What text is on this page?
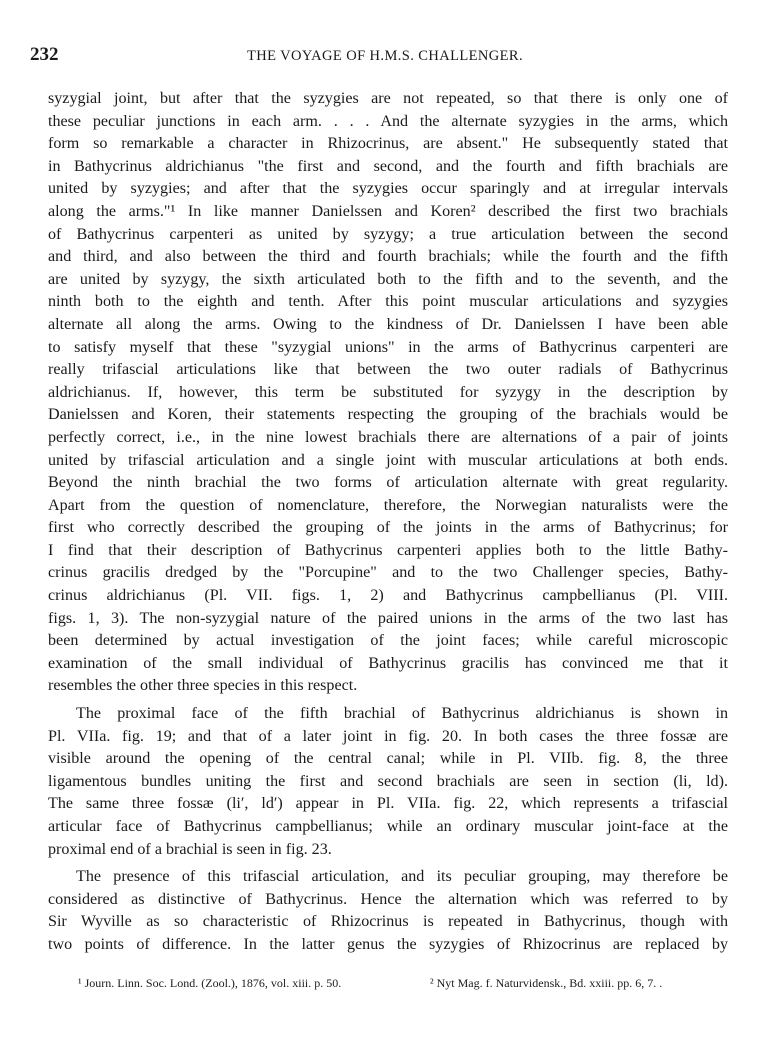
232	THE VOYAGE OF H.M.S. CHALLENGER.
syzygial joint, but after that the syzygies are not repeated, so that there is only one of
these peculiar junctions in each arm. . . . And the alternate syzygies in the arms, which
form so remarkable a character in Rhizocrinus, are absent." He subsequently stated that
in Bathycrinus aldrichianus "the first and second, and the fourth and fifth brachials are
united by syzygies; and after that the syzygies occur sparingly and at irregular intervals
along the arms."¹ In like manner Danielssen and Koren² described the first two brachials
of Bathycrinus carpenteri as united by syzygy; a true articulation between the second
and third, and also between the third and fourth brachials; while the fourth and the fifth
are united by syzygy, the sixth articulated both to the fifth and to the seventh, and the
ninth both to the eighth and tenth. After this point muscular articulations and syzygies
alternate all along the arms. Owing to the kindness of Dr. Danielssen I have been able
to satisfy myself that these "syzygial unions" in the arms of Bathycrinus carpenteri are
really trifascial articulations like that between the two outer radials of Bathycrinus
aldrichianus. If, however, this term be substituted for syzygy in the description by
Danielssen and Koren, their statements respecting the grouping of the brachials would be
perfectly correct, i.e., in the nine lowest brachials there are alternations of a pair of joints
united by trifascial articulation and a single joint with muscular articulations at both ends.
Beyond the ninth brachial the two forms of articulation alternate with great regularity.
Apart from the question of nomenclature, therefore, the Norwegian naturalists were the
first who correctly described the grouping of the joints in the arms of Bathycrinus; for
I find that their description of Bathycrinus carpenteri applies both to the little Bathy-
crinus gracilis dredged by the "Porcupine" and to the two Challenger species, Bathy-
crinus aldrichianus (Pl. VII. figs. 1, 2) and Bathycrinus campbellianus (Pl. VIII.
figs. 1, 3). The non-syzygial nature of the paired unions in the arms of the two last has
been determined by actual investigation of the joint faces; while careful microscopic
examination of the small individual of Bathycrinus gracilis has convinced me that it
resembles the other three species in this respect.
The proximal face of the fifth brachial of Bathycrinus aldrichianus is shown in
Pl. VIIa. fig. 19; and that of a later joint in fig. 20. In both cases the three fossæ are
visible around the opening of the central canal; while in Pl. VIIb. fig. 8, the three
ligamentous bundles uniting the first and second brachials are seen in section (li, ld).
The same three fossæ (li′, ld′) appear in Pl. VIIa. fig. 22, which represents a trifascial
articular face of Bathycrinus campbellianus; while an ordinary muscular joint-face at the
proximal end of a brachial is seen in fig. 23.
The presence of this trifascial articulation, and its peculiar grouping, may therefore be
considered as distinctive of Bathycrinus. Hence the alternation which was referred to by
Sir Wyville as so characteristic of Rhizocrinus is repeated in Bathycrinus, though with
two points of difference. In the latter genus the syzygies of Rhizocrinus are replaced by
¹ Journ. Linn. Soc. Lond. (Zool.), 1876, vol. xiii. p. 50.	² Nyt Mag. f. Naturvidensk., Bd. xxiii. pp. 6, 7. .
